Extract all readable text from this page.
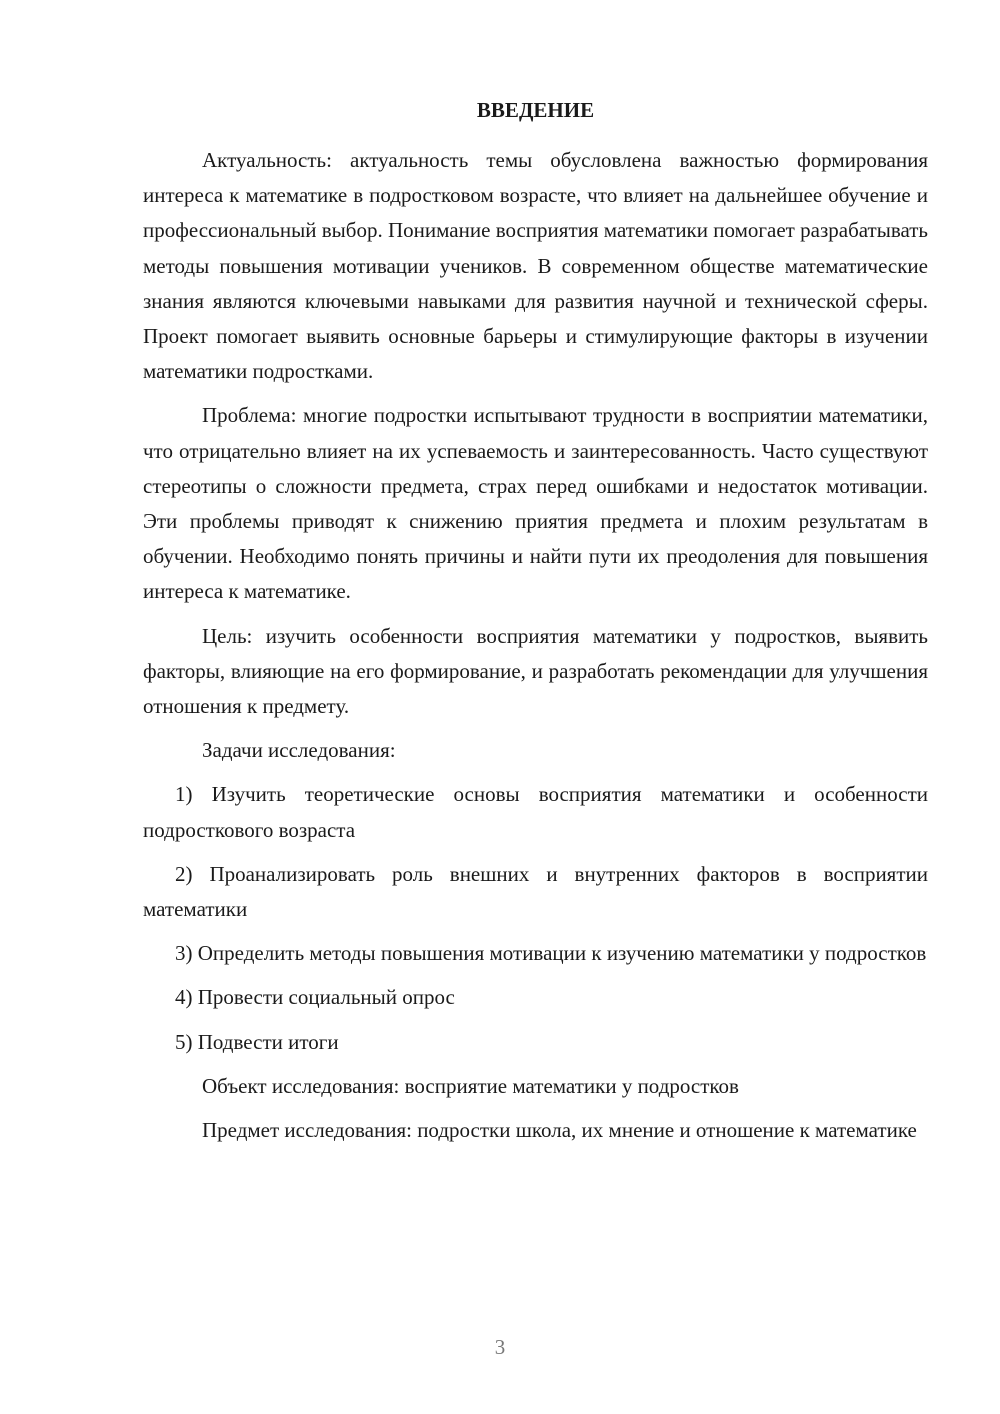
ВВЕДЕНИЕ

Актуальность: актуальность темы обусловлена важностью формирования интереса к математике в подростковом возрасте, что влияет на дальнейшее обучение и профессиональный выбор. Понимание восприятия математики помогает разрабатывать методы повышения мотивации учеников. В современном обществе математические знания являются ключевыми навыками для развития научной и технической сферы. Проект помогает выявить основные барьеры и стимулирующие факторы в изучении математики подростками.

Проблема: многие подростки испытывают трудности в восприятии математики, что отрицательно влияет на их успеваемость и заинтересованность. Часто существуют стереотипы о сложности предмета, страх перед ошибками и недостаток мотивации. Эти проблемы приводят к снижению приятия предмета и плохим результатам в обучении. Необходимо понять причины и найти пути их преодоления для повышения интереса к математике.

Цель: изучить особенности восприятия математики у подростков, выявить факторы, влияющие на его формирование, и разработать рекомендации для улучшения отношения к предмету.

Задачи исследования:

1) Изучить теоретические основы восприятия математики и особенности подросткового возраста

2) Проанализировать роль внешних и внутренних факторов в восприятии математики

3) Определить методы повышения мотивации к изучению математики у подростков

4) Провести социальный опрос

5) Подвести итоги

Объект исследования: восприятие математики у подростков

Предмет исследования: подростки школа, их мнение и отношение к математике

3
